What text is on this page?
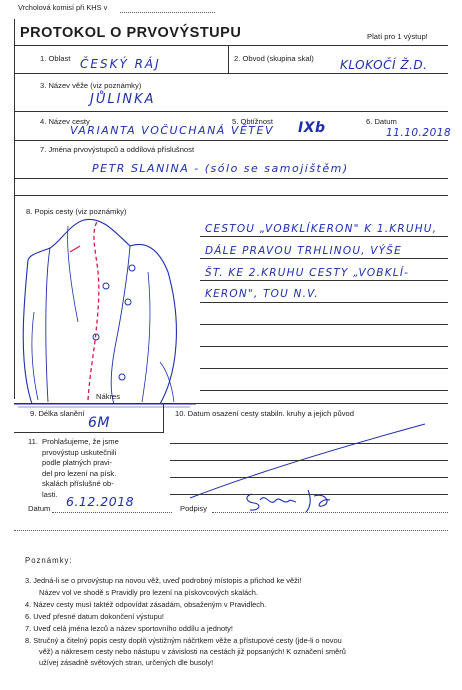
Vrcholová komisí při KHS v
PROTOKOL O PRVOVÝSTUPU	Platí pro 1 výstup!
1. Oblast ČESKÝ RÁJ	2. Obvod (skupina skal) KLOKOČÍ Ž.D.
3. Název věže (viz poznámky)
JŮLINKA
4. Název cesty
VARIANTA VOČUCHANÁ VĚTEV
5. Obtížnost IXb	6. Datum
11.10.2018
7. Jména prvovýstupců a oddílová příslušnost
PETR SLANINA - (sólo se samojištěm)
8. Popis cesty (viz poznámky)
Nákres
CESTOU „VOBKLÍKERON" K 1.KRUHU,
DÁLE PRAVOU TRHLINOU, VÝŠE
ŠT. KE 2.KRUHU CESTY „VOBKLÍ-
KERON", TOU N.V.
9. Délka slanění
6M
10. Datum osazení cesty stabiln. kruhy a jejich původ
11. Prohlašujeme, že jsme
prvovýstup uskutečnili
podle platných pravi-
del pro lezení na písk.
skalách příslušné ob-
lasti.
Datum 6.12.2018	Podpisy
Poznámky:
3. Jedná-li se o prvovýstup na novou věž, uveď podrobný místopis a přichod ke věži!
Název vol ve shodě s Pravidly pro lezení na pískovcových skalách.
4. Název cesty musí taktéž odpovídat zásadám, obsaženým v Pravidlech.
6. Uveď přesné datum dokončení výstupu!
7. Uveď celá jména lezců a název sportovního oddílu a jednoty!
8. Stručný a čitelný popis cesty doplň výstižným náčrtkem věže a přístupové cesty (jde-li o novou
věž) a nákresem cesty nebo nástupu v závislosti na cestách již popsaných! K označení směrů
užívej zásadně světových stran, určených dle busoly!
